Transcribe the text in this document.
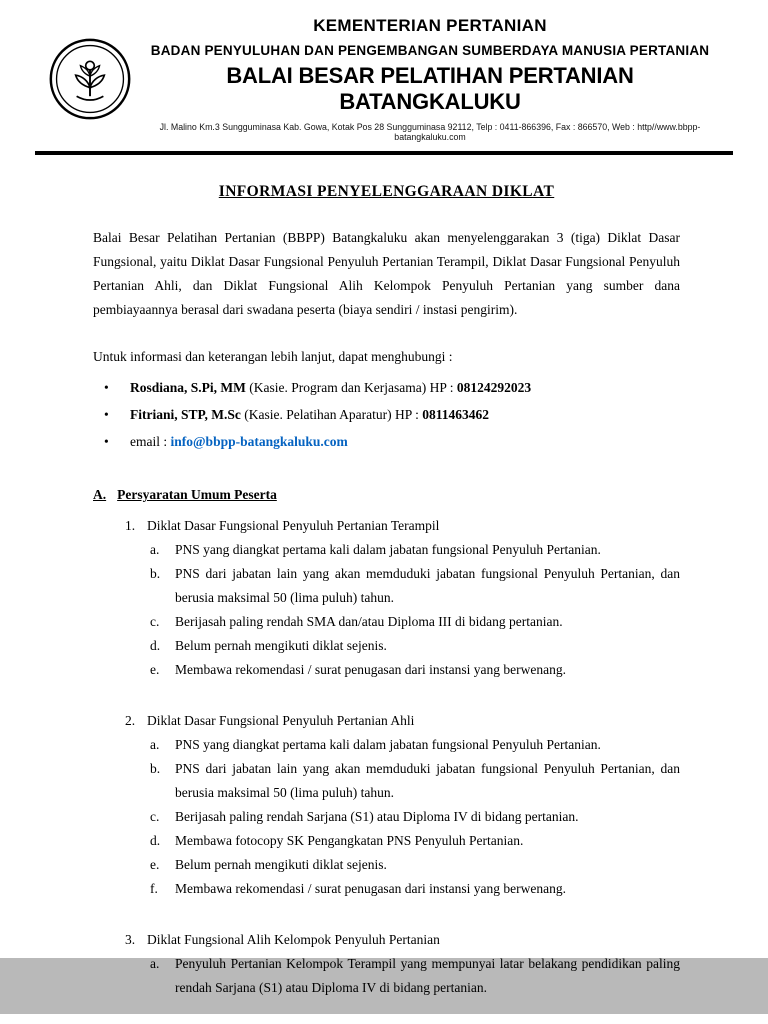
KEMENTERIAN PERTANIAN
BADAN PENYULUHAN DAN PENGEMBANGAN SUMBERDAYA MANUSIA PERTANIAN
BALAI BESAR PELATIHAN PERTANIAN BATANGKALUKU
Jl. Malino Km.3 Sungguminasa Kab. Gowa, Kotak Pos 28 Sungguminasa 92112, Telp : 0411-866396, Fax : 866570, Web : http//www.bbpp-batangkaluku.com
INFORMASI PENYELENGGARAAN DIKLAT

Balai Besar Pelatihan Pertanian (BBPP) Batangkaluku akan menyelenggarakan 3 (tiga) Diklat Dasar Fungsional, yaitu Diklat Dasar Fungsional Penyuluh Pertanian Terampil, Diklat Dasar Fungsional Penyuluh Pertanian Ahli, dan Diklat Fungsional Alih Kelompok Penyuluh Pertanian yang sumber dana pembiayaannya berasal dari swadana peserta (biaya sendiri / instasi pengirim).

Untuk informasi dan keterangan lebih lanjut, dapat menghubungi :

•	Rosdiana, S.Pi, MM (Kasie. Program dan Kerjasama) HP : 08124292023
•	Fitriani, STP, M.Sc (Kasie. Pelatihan Aparatur) HP : 0811463462
•	email : info@bbpp-batangkaluku.com
A. Persyaratan Umum Peserta
1. Diklat Dasar Fungsional Penyuluh Pertanian Terampil
a.	PNS yang diangkat pertama kali dalam jabatan fungsional Penyuluh Pertanian.
b.	PNS dari jabatan lain yang akan memduduki jabatan fungsional Penyuluh Pertanian, dan berusia maksimal 50 (lima puluh) tahun.
c.	Berijasah paling rendah SMA dan/atau Diploma III di bidang pertanian.
d.	Belum pernah mengikuti diklat sejenis.
e.	Membawa rekomendasi / surat penugasan dari instansi yang berwenang.
2. Diklat Dasar Fungsional Penyuluh Pertanian Ahli
a.	PNS yang diangkat pertama kali dalam jabatan fungsional Penyuluh Pertanian.
b.	PNS dari jabatan lain yang akan memduduki jabatan fungsional Penyuluh Pertanian, dan berusia maksimal 50 (lima puluh) tahun.
c.	Berijasah paling rendah Sarjana (S1) atau Diploma IV di bidang pertanian.
d.	Membawa fotocopy SK Pengangkatan PNS Penyuluh Pertanian.
e.	Belum pernah mengikuti diklat sejenis.
f.	Membawa rekomendasi / surat penugasan dari instansi yang berwenang.
3. Diklat Fungsional Alih Kelompok Penyuluh Pertanian
a.	Penyuluh Pertanian Kelompok Terampil yang mempunyai latar belakang pendidikan paling rendah Sarjana (S1) atau Diploma IV di bidang pertanian.
